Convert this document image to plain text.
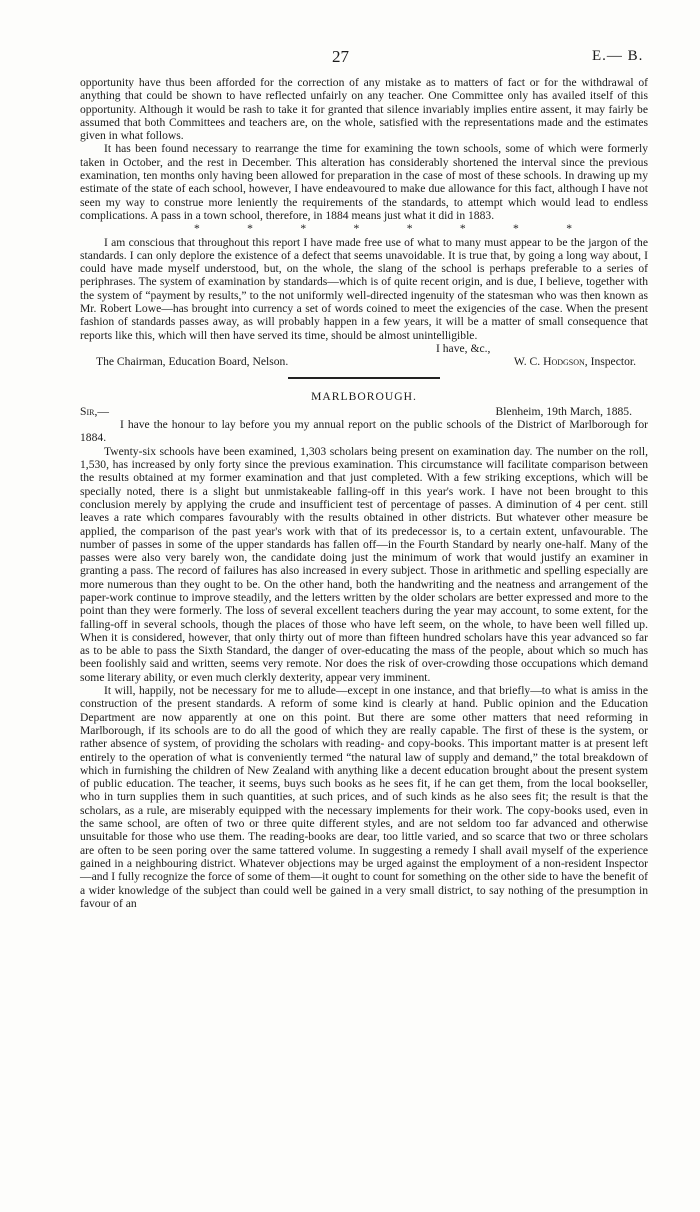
27	E.— B.

opportunity have thus been afforded for the correction of any mistake as to matters of fact or for the withdrawal of anything that could be shown to have reflected unfairly on any teacher. One Committee only has availed itself of this opportunity. Although it would be rash to take it for granted that silence invariably implies entire assent, it may fairly be assumed that both Committees and teachers are, on the whole, satisfied with the representations made and the estimates given in what follows.

It has been found necessary to rearrange the time for examining the town schools, some of which were formerly taken in October, and the rest in December. This alteration has considerably shortened the interval since the previous examination, ten months only having been allowed for preparation in the case of most of these schools. In drawing up my estimate of the state of each school, however, I have endeavoured to make due allowance for this fact, although I have not seen my way to construe more leniently the requirements of the standards, to attempt which would lead to endless complications. A pass in a town school, therefore, in 1884 means just what it did in 1883.

*	*	*	*	*	*	*	*

I am conscious that throughout this report I have made free use of what to many must appear to be the jargon of the standards. I can only deplore the existence of a defect that seems unavoidable. It is true that, by going a long way about, I could have made myself understood, but, on the whole, the slang of the school is perhaps preferable to a series of periphrases. The system of examination by standards—which is of quite recent origin, and is due, I believe, together with the system of “payment by results,” to the not uniformly well-directed ingenuity of the statesman who was then known as Mr. Robert Lowe—has brought into currency a set of words coined to meet the exigencies of the case. When the present fashion of standards passes away, as will probably happen in a few years, it will be a matter of small consequence that reports like this, which will then have served its time, should be almost unintelligible.

I have, &c.,
The Chairman, Education Board, Nelson.	W. C. Hodgson, Inspector.
MARLBOROUGH.
Sir,—	Blenheim, 19th March, 1885.

I have the honour to lay before you my annual report on the public schools of the District of Marlborough for 1884.

Twenty-six schools have been examined, 1,303 scholars being present on examination day. The number on the roll, 1,530, has increased by only forty since the previous examination. This circumstance will facilitate comparison between the results obtained at my former examination and that just completed. With a few striking exceptions, which will be specially noted, there is a slight but unmistakeable falling-off in this year's work. I have not been brought to this conclusion merely by applying the crude and insufficient test of percentage of passes. A diminution of 4 per cent. still leaves a rate which compares favourably with the results obtained in other districts. But whatever other measure be applied, the comparison of the past year's work with that of its predecessor is, to a certain extent, unfavourable. The number of passes in some of the upper standards has fallen off—in the Fourth Standard by nearly one-half. Many of the passes were also very barely won, the candidate doing just the minimum of work that would justify an examiner in granting a pass. The record of failures has also increased in every subject. Those in arithmetic and spelling especially are more numerous than they ought to be. On the other hand, both the handwriting and the neatness and arrangement of the paper-work continue to improve steadily, and the letters written by the older scholars are better expressed and more to the point than they were formerly. The loss of several excellent teachers during the year may account, to some extent, for the falling-off in several schools, though the places of those who have left seem, on the whole, to have been well filled up. When it is considered, however, that only thirty out of more than fifteen hundred scholars have this year advanced so far as to be able to pass the Sixth Standard, the danger of over-educating the mass of the people, about which so much has been foolishly said and written, seems very remote. Nor does the risk of over-crowding those occupations which demand some literary ability, or even much clerkly dexterity, appear very imminent.

It will, happily, not be necessary for me to allude—except in one instance, and that briefly—to what is amiss in the construction of the present standards. A reform of some kind is clearly at hand. Public opinion and the Education Department are now apparently at one on this point. But there are some other matters that need reforming in Marlborough, if its schools are to do all the good of which they are really capable. The first of these is the system, or rather absence of system, of providing the scholars with reading- and copy-books. This important matter is at present left entirely to the operation of what is conveniently termed “the natural law of supply and demand,” the total breakdown of which in furnishing the children of New Zealand with anything like a decent education brought about the present system of public education. The teacher, it seems, buys such books as he sees fit, if he can get them, from the local bookseller, who in turn supplies them in such quantities, at such prices, and of such kinds as he also sees fit; the result is that the scholars, as a rule, are miserably equipped with the necessary implements for their work. The copy-books used, even in the same school, are often of two or three quite different styles, and are not seldom too far advanced and otherwise unsuitable for those who use them. The reading-books are dear, too little varied, and so scarce that two or three scholars are often to be seen poring over the same tattered volume. In suggesting a remedy I shall avail myself of the experience gained in a neighbouring district. Whatever objections may be urged against the employment of a non-resident Inspector—and I fully recognize the force of some of them—it ought to count for something on the other side to have the benefit of a wider knowledge of the subject than could well be gained in a very small district, to say nothing of the presumption in favour of an
